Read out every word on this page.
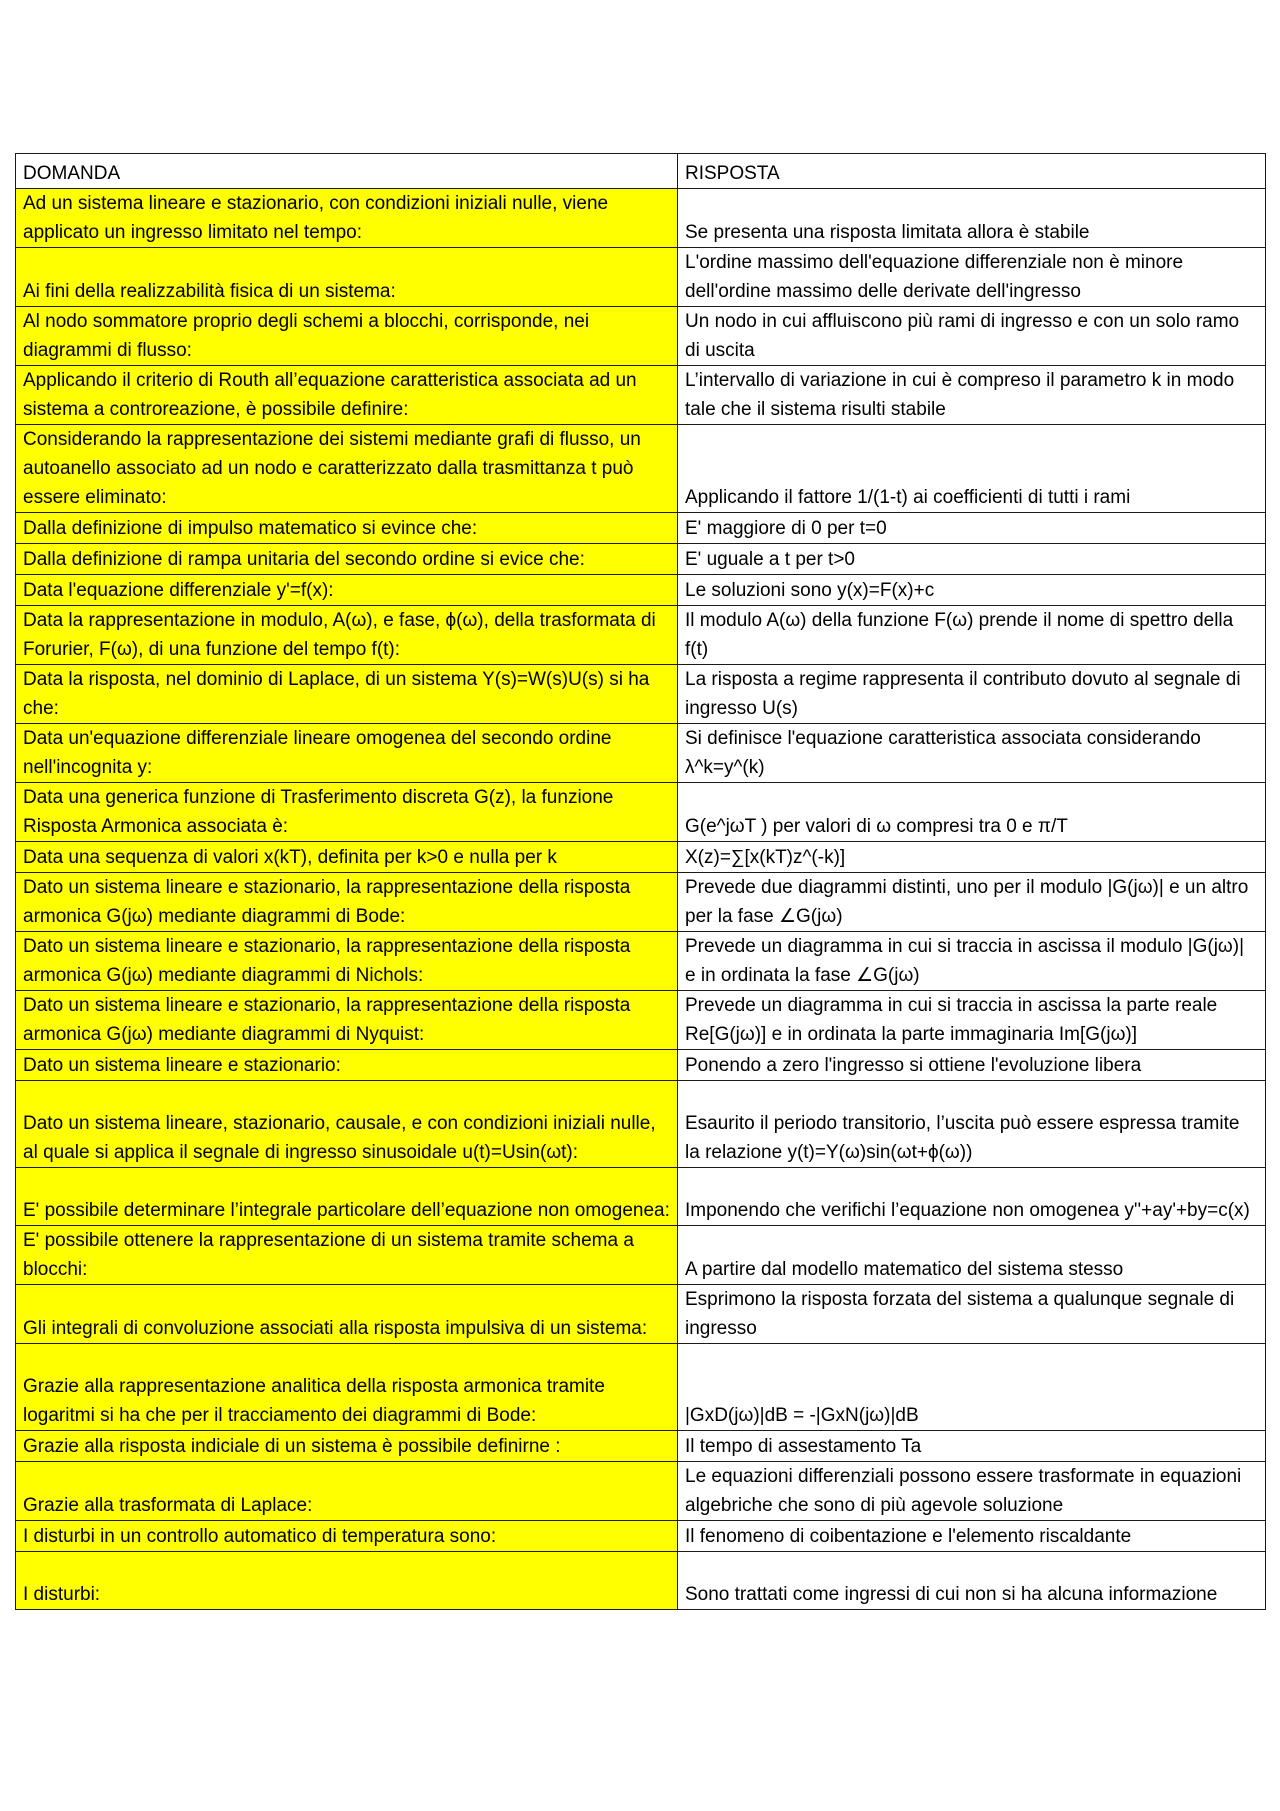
DOMANDA	RISPOSTA
Ad un sistema lineare e stazionario, con condizioni iniziali nulle, viene applicato un ingresso limitato nel tempo:	Se presenta una risposta limitata allora è stabile
Ai fini della realizzabilità fisica di un sistema:	L'ordine massimo dell'equazione differenziale non è minore dell'ordine massimo delle derivate dell'ingresso
Al nodo sommatore proprio degli schemi a blocchi, corrisponde, nei diagrammi di flusso:	Un nodo in cui affluiscono più rami di ingresso e con un solo ramo di uscita
Applicando il criterio di Routh all’equazione caratteristica associata ad un sistema a controreazione, è possibile definire:	L’intervallo di variazione in cui è compreso il parametro k in modo tale che il sistema risulti stabile
Considerando la rappresentazione dei sistemi mediante grafi di flusso, un autoanello associato ad un nodo e caratterizzato dalla trasmittanza t può essere eliminato:	Applicando il fattore 1/(1-t) ai coefficienti di tutti i rami
Dalla definizione di impulso matematico si evince che:	E' maggiore di 0 per t=0
Dalla definizione di rampa unitaria del secondo ordine si evice che:	E' uguale a t per t>0
Data l'equazione differenziale y'=f(x):	Le soluzioni sono y(x)=F(x)+c
Data la rappresentazione in modulo, A(ω), e fase, ϕ(ω), della trasformata di Forurier, F(ω), di una funzione del tempo f(t):	Il modulo A(ω) della funzione F(ω) prende il nome di spettro della f(t)
Data la risposta, nel dominio di Laplace, di un sistema Y(s)=W(s)U(s) si ha che:	La risposta a regime rappresenta il contributo dovuto al segnale di ingresso U(s)
Data un'equazione differenziale lineare omogenea del secondo ordine nell'incognita y:	Si definisce l'equazione caratteristica associata considerando λ^k=y^(k)
Data una generica funzione di Trasferimento discreta G(z), la funzione Risposta Armonica associata è:	G(e^jωT ) per valori di ω compresi tra 0 e π/T
Data una sequenza di valori x(kT), definita per k>0 e nulla per k	X(z)=∑[x(kT)z^(-k)]
Dato un sistema lineare e stazionario, la rappresentazione della risposta armonica G(jω) mediante diagrammi di Bode:	Prevede due diagrammi distinti, uno per il modulo |G(jω)| e un altro per la fase ∠G(jω)
Dato un sistema lineare e stazionario, la rappresentazione della risposta armonica G(jω) mediante diagrammi di Nichols:	Prevede un diagramma in cui si traccia in ascissa il modulo |G(jω)| e in ordinata la fase ∠G(jω)
Dato un sistema lineare e stazionario, la rappresentazione della risposta armonica G(jω) mediante diagrammi di Nyquist:	Prevede un diagramma in cui si traccia in ascissa la parte reale Re[G(jω)] e in ordinata la parte immaginaria Im[G(jω)]
Dato un sistema lineare e stazionario:	Ponendo a zero l'ingresso si ottiene l'evoluzione libera
Dato un sistema lineare, stazionario, causale, e con condizioni iniziali nulle, al quale si applica il segnale di ingresso sinusoidale u(t)=Usin(ωt):	Esaurito il periodo transitorio, l’uscita può essere espressa tramite la relazione y(t)=Y(ω)sin(ωt+ϕ(ω))
E' possibile determinare l’integrale particolare dell’equazione non omogenea:	Imponendo che verifichi l’equazione non omogenea y''+ay'+by=c(x)
E' possibile ottenere la rappresentazione di un sistema tramite schema a blocchi:	A partire dal modello matematico del sistema stesso
Gli integrali di convoluzione associati alla risposta impulsiva di un sistema:	Esprimono la risposta forzata del sistema a qualunque segnale di ingresso
Grazie alla rappresentazione analitica della risposta armonica tramite logaritmi si ha che per il tracciamento dei diagrammi di Bode:	|GxD(jω)|dB = -|GxN(jω)|dB
Grazie alla risposta indiciale di un sistema è possibile definirne :	Il tempo di assestamento Ta
Grazie alla trasformata di Laplace:	Le equazioni differenziali possono essere trasformate in equazioni algebriche che sono di più agevole soluzione
I disturbi in un controllo automatico di temperatura sono:	Il fenomeno di coibentazione e l'elemento riscaldante
I disturbi:	Sono trattati come ingressi di cui non si ha alcuna informazione
